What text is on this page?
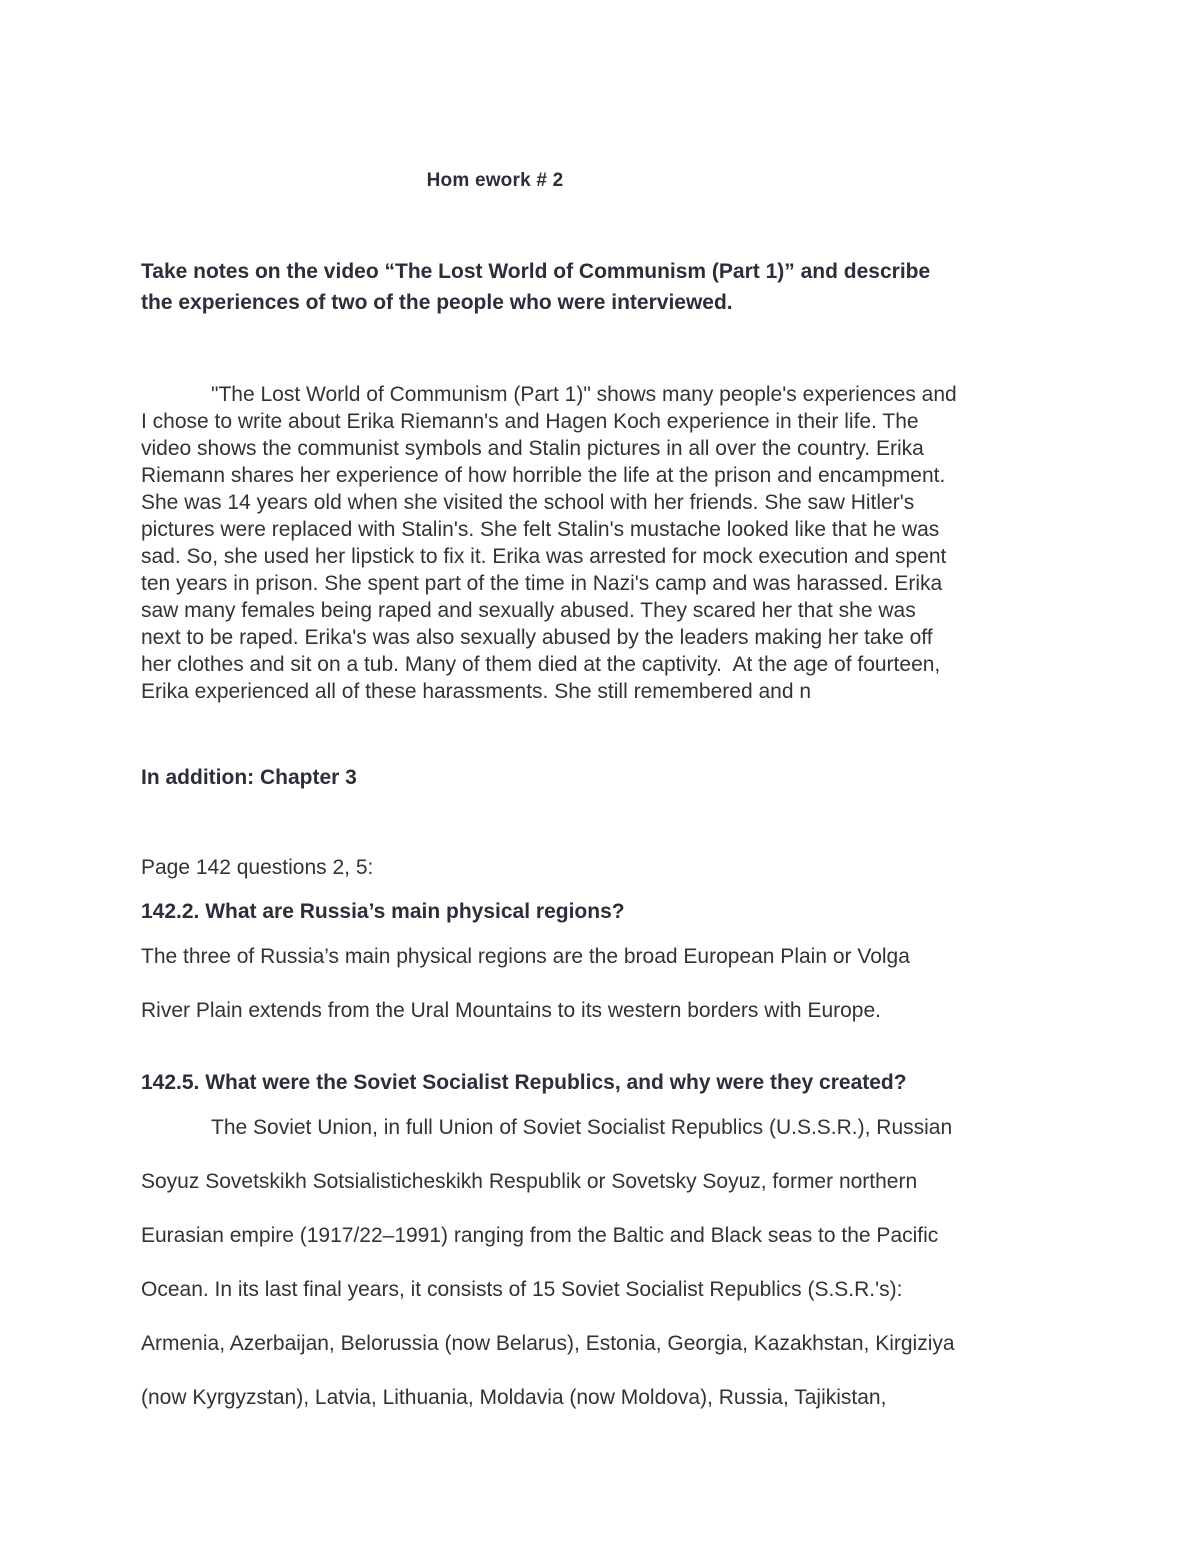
Hom ework # 2
Take notes on the video “The Lost World of Communism (Part 1)” and describe
the experiences of two of the people who were interviewed.
"The Lost World of Communism (Part 1)" shows many people's experiences and
I chose to write about Erika Riemann's and Hagen Koch experience in their life. The
video shows the communist symbols and Stalin pictures in all over the country. Erika
Riemann shares her experience of how horrible the life at the prison and encampment.
She was 14 years old when she visited the school with her friends. She saw Hitler's
pictures were replaced with Stalin's. She felt Stalin's mustache looked like that he was
sad. So, she used her lipstick to fix it. Erika was arrested for mock execution and spent
ten years in prison. She spent part of the time in Nazi's camp and was harassed. Erika
saw many females being raped and sexually abused. They scared her that she was
next to be raped. Erika's was also sexually abused by the leaders making her take off
her clothes and sit on a tub. Many of them died at the captivity.  At the age of fourteen,
Erika experienced all of these harassments. She still remembered and n
In addition: Chapter 3
Page 142 questions 2, 5:
142.2. What are Russia’s main physical regions?
The three of Russia’s main physical regions are the broad European Plain or Volga
River Plain extends from the Ural Mountains to its western borders with Europe.
142.5. What were the Soviet Socialist Republics, and why were they created?
The Soviet Union, in full Union of Soviet Socialist Republics (U.S.S.R.), Russian
Soyuz Sovetskikh Sotsialisticheskikh Respublik or Sovetsky Soyuz, former northern
Eurasian empire (1917/22–1991) ranging from the Baltic and Black seas to the Pacific
Ocean. In its last final years, it consists of 15 Soviet Socialist Republics (S.S.R.'s):
Armenia, Azerbaijan, Belorussia (now Belarus), Estonia, Georgia, Kazakhstan, Kirgiziya
(now Kyrgyzstan), Latvia, Lithuania, Moldavia (now Moldova), Russia, Tajikistan,
